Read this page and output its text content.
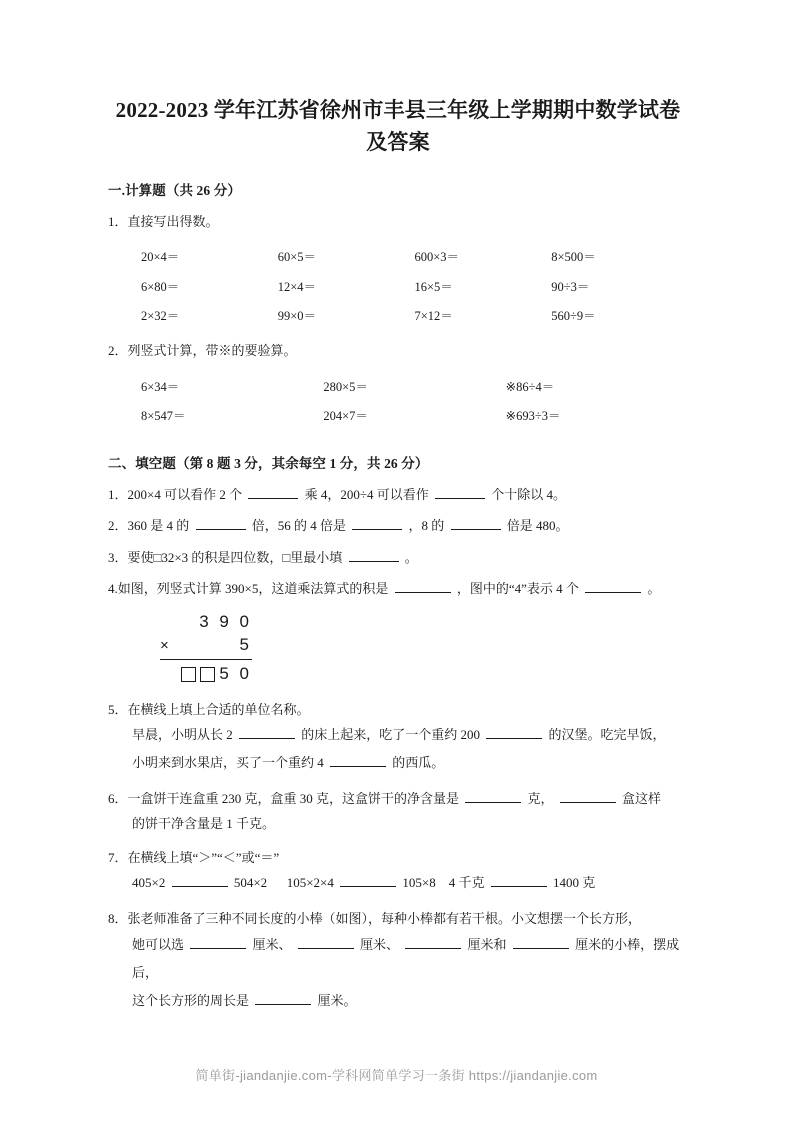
2022-2023 学年江苏省徐州市丰县三年级上学期期中数学试卷及答案
一.计算题（共 26 分）
1．直接写出得数。
20×4＝	60×5＝	600×3＝	8×500＝
6×80＝	12×4＝	16×5＝	90÷3＝
2×32＝	99×0＝	7×12＝	560÷9＝
2．列竖式计算，带※的要验算。
6×34＝	280×5＝	※86÷4＝
8×547＝	204×7＝	※693÷3＝
二、填空题（第 8 题 3 分，其余每空 1 分，共 26 分）
1．200×4 可以看作 2 个	乘 4，200÷4 可以看作	个十除以 4。
2．360 是 4 的	倍，56 的 4 倍是	，8 的	倍是 480。
3．要使□32×3 的积是四位数，□里最小填	。
4.如图，列竖式计算 390×5，这道乘法算式的积是	，图中的“4”表示 4 个	。
3 9 0
×	5
5 0
5．在横线上填上合适的单位名称。
早晨，小明从长 2	的床上起来，吃了一个重约 200	的汉堡。吃完早饭，
小明来到水果店，买了一个重约 4	的西瓜。
6．一盒饼干连盒重 230 克，盒重 30 克，这盒饼干的净含量是	克，	盒这样
的饼干净含量是 1 千克。
7．在横线上填“＞”“＜”或“＝”
405×2	504×2 105×2×4	105×8 4 千克	1400 克
8．张老师准备了三种不同长度的小棒（如图），每种小棒都有若干根。小文想摆一个长方形，
她可以选	厘米、	厘米、	厘米和	厘米的小棒，摆成后，
这个长方形的周长是	厘米。
简单街-jiandanjie.com-学科网简单学习一条街 https://jiandanjie.com
